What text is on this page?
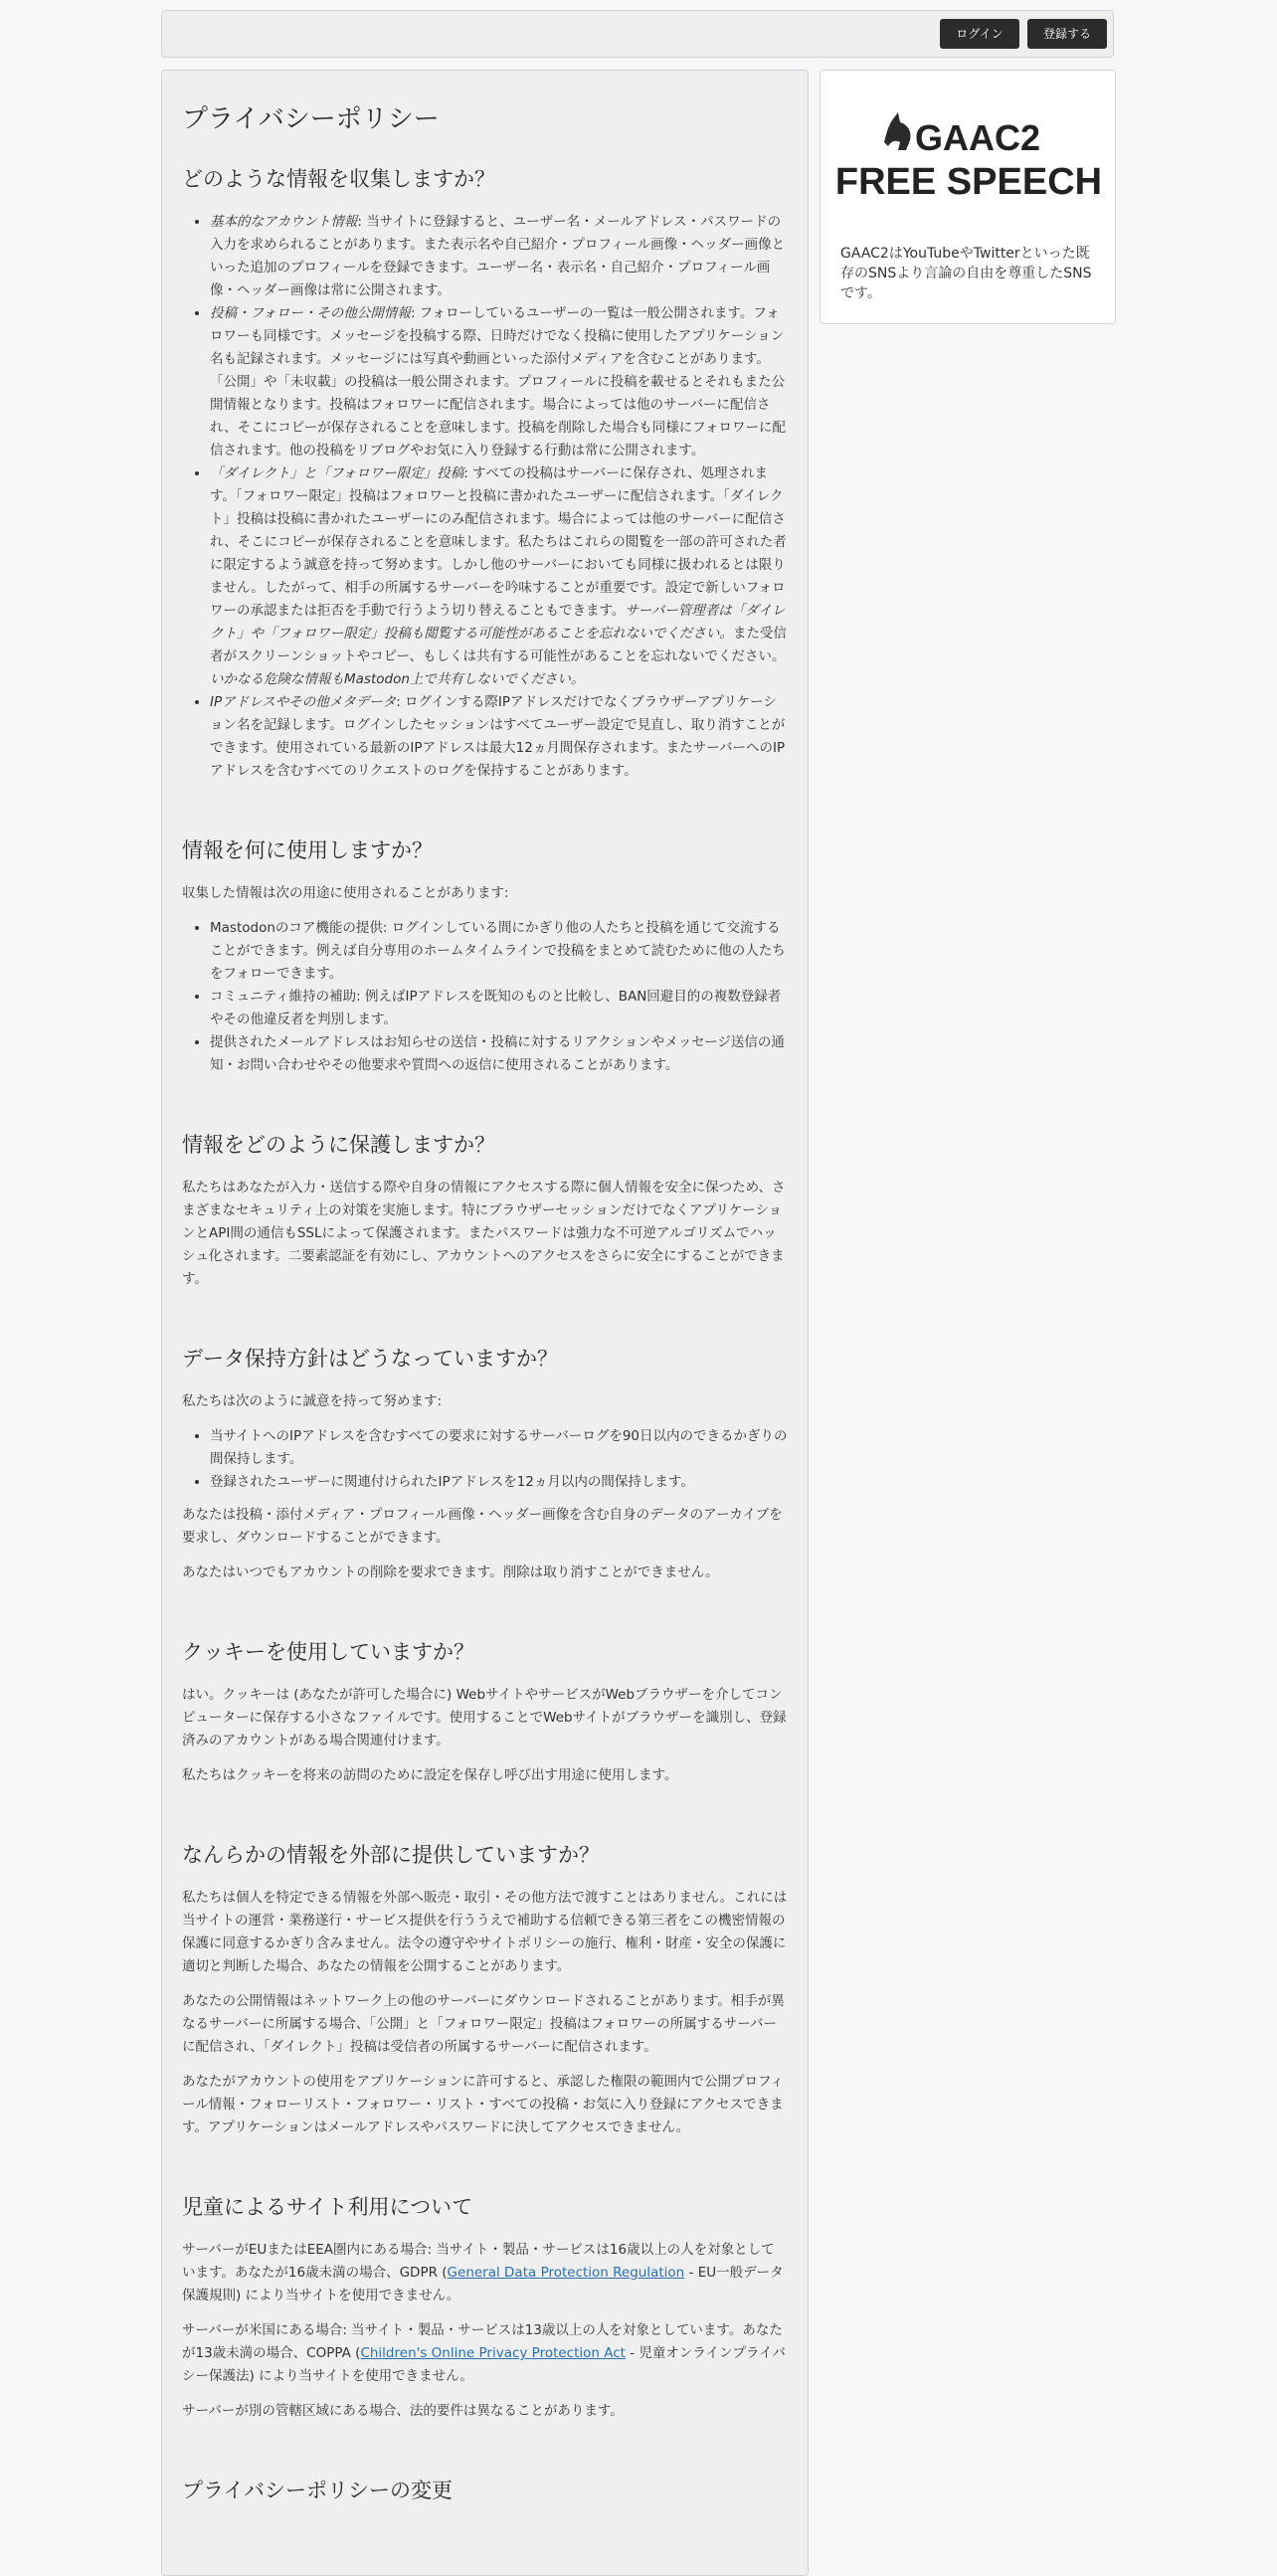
ログイン	登録する
プライバシーポリシー
どのような情報を収集しますか？
• 基本的なアカウント情報: 当サイトに登録すると、ユーザー名・メールアドレス・パスワードの入力を求められることがあります。また表示名や自己紹介・プロフィール画像・ヘッダー画像といった追加のプロフィールを登録できます。ユーザー名・表示名・自己紹介・プロフィール画像・ヘッダー画像は常に公開されます。
• 投稿・フォロー・その他公開情報: フォローしているユーザーの一覧は一般公開されます。フォロワーも同様です。メッセージを投稿する際、日時だけでなく投稿に使用したアプリケーション名も記録されます。メッセージには写真や動画といった添付メディアを含むことがあります。「公開」や「未収載」の投稿は一般公開されます。プロフィールに投稿を載せるとそれもまた公開情報となります。投稿はフォロワーに配信されます。場合によっては他のサーバーに配信され、そこにコピーが保存されることを意味します。投稿を削除した場合も同様にフォロワーに配信されます。他の投稿をリブログやお気に入り登録する行動は常に公開されます。
• 「ダイレクト」と「フォロワー限定」投稿: すべての投稿はサーバーに保存され、処理されます。「フォロワー限定」投稿はフォロワーと投稿に書かれたユーザーに配信されます。「ダイレクト」投稿は投稿に書かれたユーザーにのみ配信されます。場合によっては他のサーバーに配信され、そこにコピーが保存されることを意味します。私たちはこれらの閲覧を一部の許可された者に限定するよう誠意を持って努めます。しかし他のサーバーにおいても同様に扱われるとは限りません。したがって、相手の所属するサーバーを吟味することが重要です。設定で新しいフォロワーの承認または拒否を手動で行うよう切り替えることもできます。サーバー管理者は「ダイレクト」や「フォロワー限定」投稿も閲覧する可能性があることを忘れないでください。また受信者がスクリーンショットやコピー、もしくは共有する可能性があることを忘れないでください。いかなる危険な情報もMastodon上で共有しないでください。
• IPアドレスやその他メタデータ: ログインする際IPアドレスだけでなくブラウザーアプリケーション名を記録します。ログインしたセッションはすべてユーザー設定で見直し、取り消すことができます。使用されている最新のIPアドレスは最大12ヵ月間保存されます。またサーバーへのIPアドレスを含むすべてのリクエストのログを保持することがあります。
情報を何に使用しますか？

収集した情報は次の用途に使用されることがあります:

• Mastodonのコア機能の提供: ログインしている間にかぎり他の人たちと投稿を通じて交流することができます。例えば自分専用のホームタイムラインで投稿をまとめて読むために他の人たちをフォローできます。
• コミュニティ維持の補助: 例えばIPアドレスを既知のものと比較し、BAN回避目的の複数登録者やその他違反者を判別します。
• 提供されたメールアドレスはお知らせの送信・投稿に対するリアクションやメッセージ送信の通知・お問い合わせやその他要求や質問への返信に使用されることがあります。
情報をどのように保護しますか？

私たちはあなたが入力・送信する際や自身の情報にアクセスする際に個人情報を安全に保つため、さまざまなセキュリティ上の対策を実施します。特にブラウザーセッションだけでなくアプリケーションとAPI間の通信もSSLによって保護されます。またパスワードは強力な不可逆アルゴリズムでハッシュ化されます。二要素認証を有効にし、アカウントへのアクセスをさらに安全にすることができます。

データ保持方針はどうなっていますか？

私たちは次のように誠意を持って努めます:

• 当サイトへのIPアドレスを含むすべての要求に対するサーバーログを90日以内のできるかぎりの間保持します。
• 登録されたユーザーに関連付けられたIPアドレスを12ヵ月以内の間保持します。

あなたは投稿・添付メディア・プロフィール画像・ヘッダー画像を含む自身のデータのアーカイブを要求し、ダウンロードすることができます。

あなたはいつでもアカウントの削除を要求できます。削除は取り消すことができません。

クッキーを使用していますか？

はい。クッキーは (あなたが許可した場合に) WebサイトやサービスがWebブラウザーを介してコンピューターに保存する小さなファイルです。使用することでWebサイトがブラウザーを識別し、登録済みのアカウントがある場合関連付けます。

私たちはクッキーを将来の訪問のために設定を保存し呼び出す用途に使用します。

なんらかの情報を外部に提供していますか？

私たちは個人を特定できる情報を外部へ販売・取引・その他方法で渡すことはありません。これには当サイトの運営・業務遂行・サービス提供を行ううえで補助する信頼できる第三者をこの機密情報の保護に同意するかぎり含みません。法令の遵守やサイトポリシーの施行、権利・財産・安全の保護に適切と判断した場合、あなたの情報を公開することがあります。

あなたの公開情報はネットワーク上の他のサーバーにダウンロードされることがあります。相手が異なるサーバーに所属する場合、「公開」と「フォロワー限定」投稿はフォロワーの所属するサーバーに配信され、「ダイレクト」投稿は受信者の所属するサーバーに配信されます。

あなたがアカウントの使用をアプリケーションに許可すると、承認した権限の範囲内で公開プロフィール情報・フォローリスト・フォロワー・リスト・すべての投稿・お気に入り登録にアクセスできます。アプリケーションはメールアドレスやパスワードに決してアクセスできません。

児童によるサイト利用について

サーバーがEUまたはEEA圏内にある場合: 当サイト・製品・サービスは16歳以上の人を対象としています。あなたが16歳未満の場合、GDPR (General Data Protection Regulation - EU一般データ保護規則) により当サイトを使用できません。

サーバーが米国にある場合: 当サイト・製品・サービスは13歳以上の人を対象としています。あなたが13歳未満の場合、COPPA (Children's Online Privacy Protection Act - 児童オンラインプライバシー保護法) により当サイトを使用できません。

サーバーが別の管轄区域にある場合、法的要件は異なることがあります。

プライバシーポリシーの変更
GAAC2
FREE SPEECH
GAAC2はYouTubeやTwitterといった既存のSNSより言論の自由を尊重したSNSです。
